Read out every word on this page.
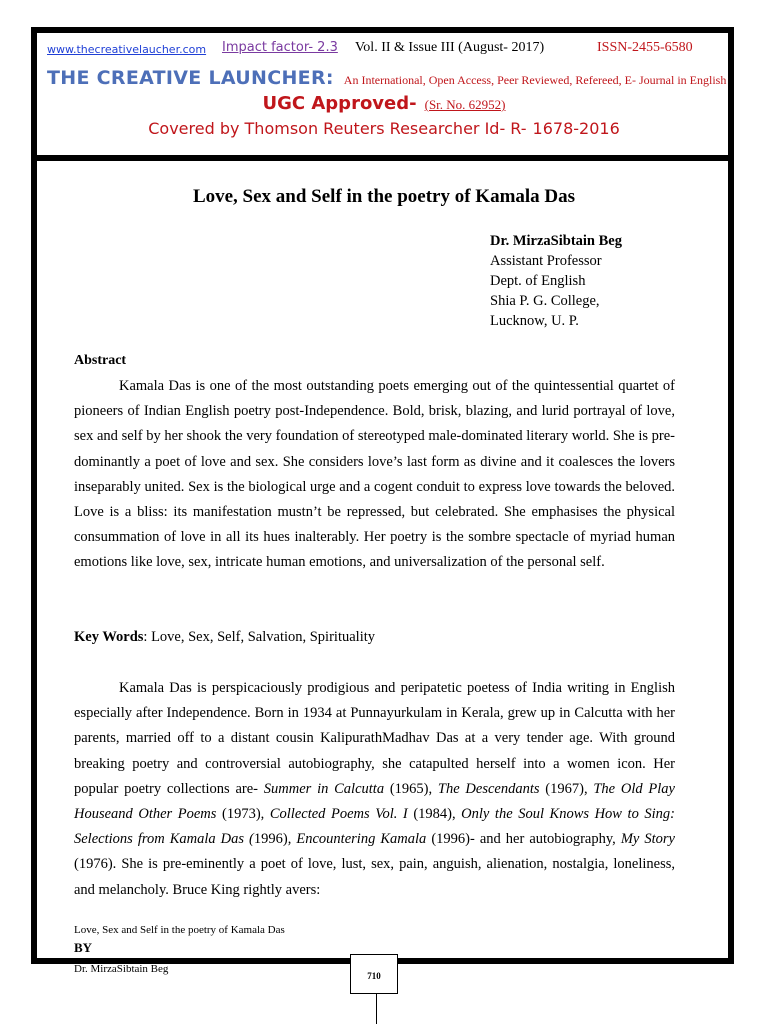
www.thecreativelaucher.com Impact factor- 2.3 Vol. II & Issue III (August- 2017)	ISSN-2455-6580
THE CREATIVE LAUNCHER: An International, Open Access, Peer Reviewed, Refereed, E- Journal in English
UGC Approved- (Sr. No. 62952)
Covered by Thomson Reuters Researcher Id- R- 1678-2016
Love, Sex and Self in the poetry of Kamala Das
Dr. MirzaSibtain Beg
Assistant Professor
Dept. of English
Shia P. G. College,
Lucknow, U. P.
Abstract
Kamala Das is one of the most outstanding poets emerging out of the quintessential quartet of pioneers of Indian English poetry post-Independence. Bold, brisk, blazing, and lurid portrayal of love, sex and self by her shook the very foundation of stereotyped male-dominated literary world. She is pre-dominantly a poet of love and sex. She considers love’s last form as divine and it coalesces the lovers inseparably united. Sex is the biological urge and a cogent conduit to express love towards the beloved. Love is a bliss: its manifestation mustn’t be repressed, but celebrated. She emphasises the physical consummation of love in all its hues inalterably. Her poetry is the sombre spectacle of myriad human emotions like love, sex, intricate human emotions, and universalization of the personal self.
Key Words: Love, Sex, Self, Salvation, Spirituality
Kamala Das is perspicaciously prodigious and peripatetic poetess of India writing in English especially after Independence. Born in 1934 at Punnayurkulam in Kerala, grew up in Calcutta with her parents, married off to a distant cousin KalipurathMadhav Das at a very tender age. With ground breaking poetry and controversial autobiography, she catapulted herself into a women icon. Her popular poetry collections are- Summer in Calcutta (1965), The Descendants (1967), The Old Play Houseand Other Poems (1973), Collected Poems Vol. I (1984), Only the Soul Knows How to Sing: Selections from Kamala Das (1996), Encountering Kamala (1996)- and her autobiography, My Story (1976). She is pre-eminently a poet of love, lust, sex, pain, anguish, alienation, nostalgia, loneliness, and melancholy. Bruce King rightly avers:
Love, Sex and Self in the poetry of Kamala Das
BY
Dr. MirzaSibtain Beg
710
